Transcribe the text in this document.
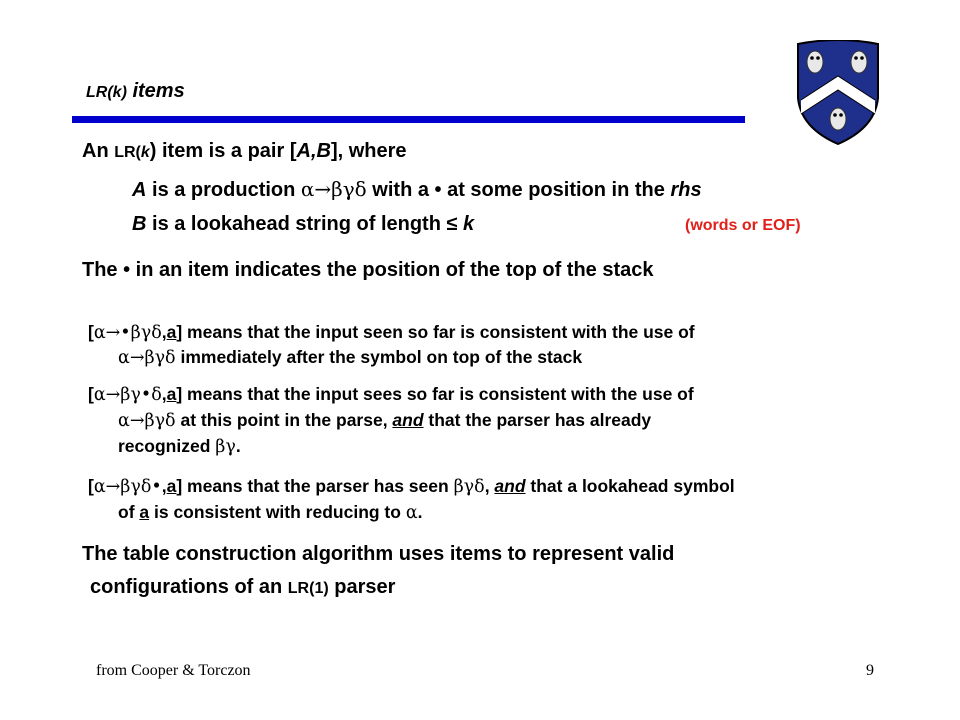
LR(k) items
An LR(k) item is a pair [A,B], where
A is a production α→βγδ with a • at some position in the rhs
B is a lookahead string of length ≤ k	(words or EOF)
The • in an item indicates the position of the top of the stack
[α→•βγδ,a] means that the input seen so far is consistent with the use of
α→βγδ immediately after the symbol on top of the stack
[α→βγ•δ,a] means that the input sees so far is consistent with the use of
α→βγδ at this point in the parse, and that the parser has already
recognized βγ.
[α→βγδ•,a] means that the parser has seen βγδ, and that a lookahead symbol
of a is consistent with reducing to α.
The table construction algorithm uses items to represent valid
configurations of an LR(1) parser
from Cooper & Torczon	9
